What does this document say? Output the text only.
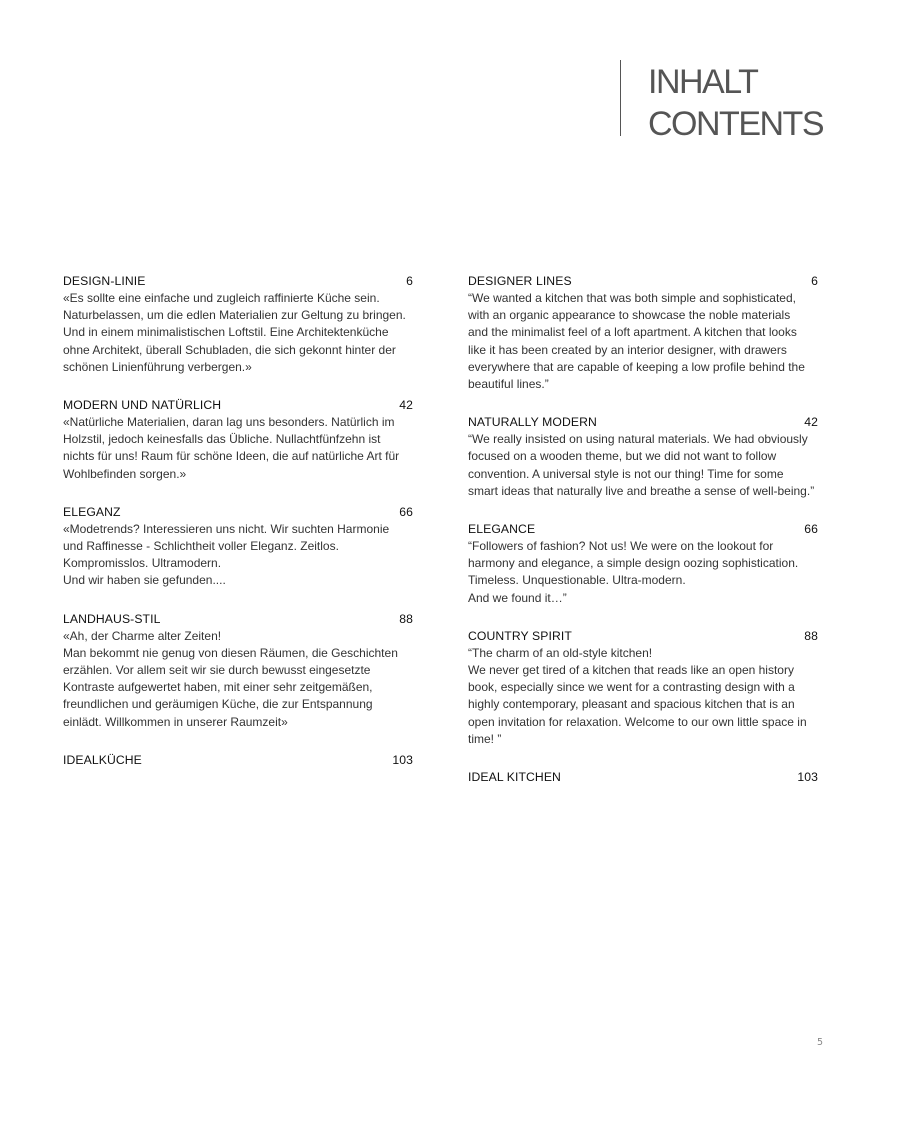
INHALT

CONTENTS

DESIGN-LINIE	6
«Es sollte eine einfache und zugleich raffinierte Küche sein.
Naturbelassen, um die edlen Materialien zur Geltung zu bringen.
Und in einem minimalistischen Loftstil. Eine Architektenküche
ohne Architekt, überall Schubladen, die sich gekonnt hinter der
schönen Linienführung verbergen.»
MODERN UND NATÜRLICH	42
«Natürliche Materialien, daran lag uns besonders. Natürlich im
Holzstil, jedoch keinesfalls das Übliche. Nullachtfünfzehn ist
nichts für uns! Raum für schöne Ideen, die auf natürliche Art für
Wohlbefinden sorgen.»
ELEGANZ	66
«Modetrends? Interessieren uns nicht. Wir suchten Harmonie
und Raffinesse - Schlichtheit voller Eleganz. Zeitlos.
Kompromisslos. Ultramodern.
Und wir haben sie gefunden....
LANDHAUS-STIL	88
«Ah, der Charme alter Zeiten!
Man bekommt nie genug von diesen Räumen, die Geschichten
erzählen. Vor allem seit wir sie durch bewusst eingesetzte
Kontraste aufgewertet haben, mit einer sehr zeitgemäßen,
freundlichen und geräumigen Küche, die zur Entspannung
einlädt. Willkommen in unserer Raumzeit»
IDEALKÜCHE	103
DESIGNER LINES	6
“We wanted a kitchen that was both simple and sophisticated,
with an organic appearance to showcase the noble materials
and the minimalist feel of a loft apartment. A kitchen that looks
like it has been created by an interior designer, with drawers
everywhere that are capable of keeping a low profile behind the
beautiful lines.”
NATURALLY MODERN	42
“We really insisted on using natural materials. We had obviously
focused on a wooden theme, but we did not want to follow
convention. A universal style is not our thing! Time for some
smart ideas that naturally live and breathe a sense of well-being.”
ELEGANCE	66
“Followers of fashion? Not us! We were on the lookout for
harmony and elegance, a simple design oozing sophistication.
Timeless. Unquestionable. Ultra-modern.
And we found it…”
COUNTRY SPIRIT	88
“The charm of an old-style kitchen!
We never get tired of a kitchen that reads like an open history
book, especially since we went for a contrasting design with a
highly contemporary, pleasant and spacious kitchen that is an
open invitation for relaxation. Welcome to our own little space in
time! ”
IDEAL KITCHEN	103
5
